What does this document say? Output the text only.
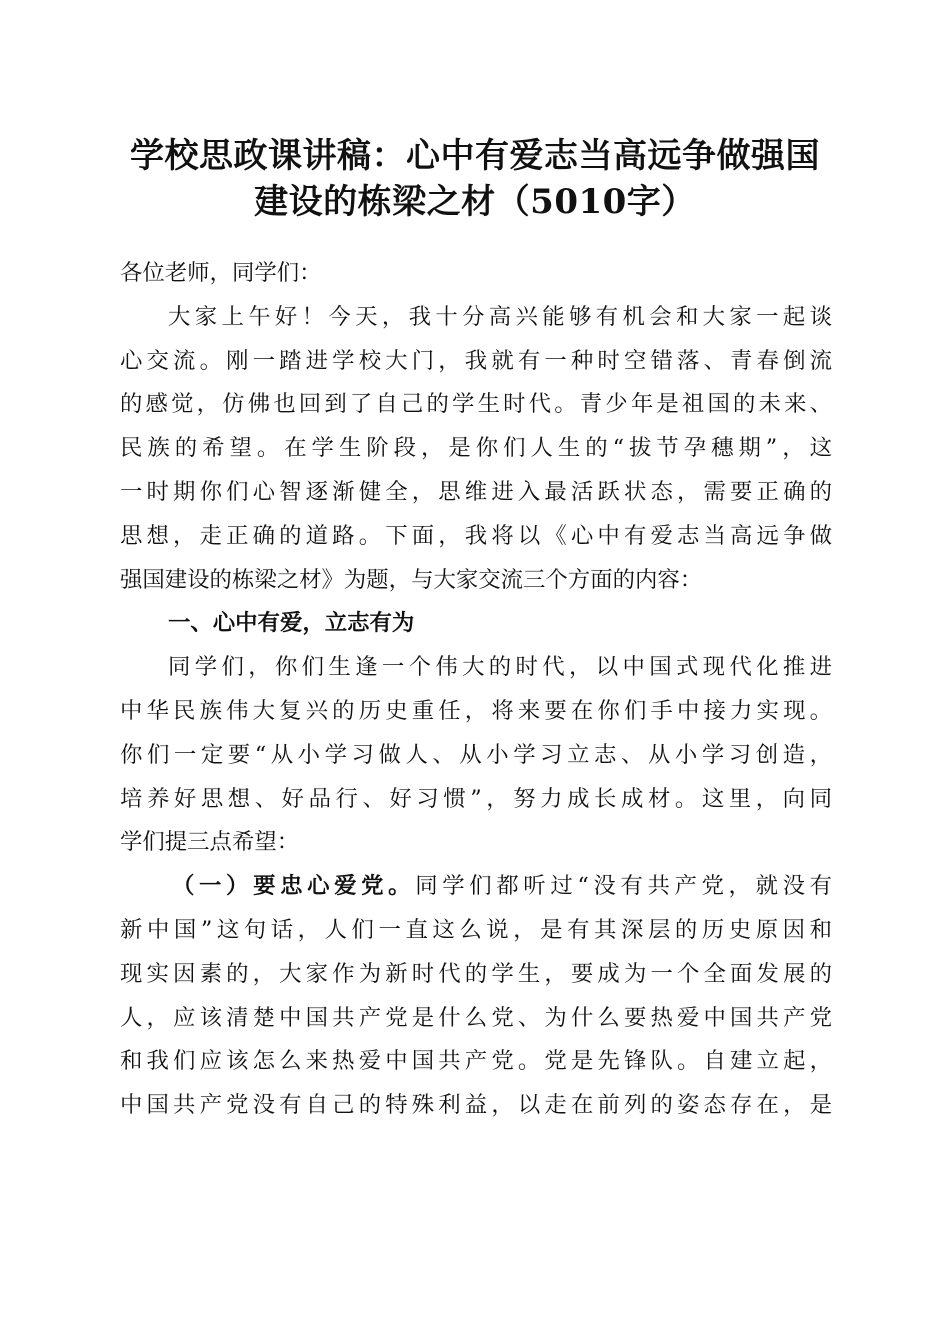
学校思政课讲稿：心中有爱志当高远争做强国
建设的栋梁之材（5010字）
各位老师，同学们：
大家上午好！今天，我十分高兴能够有机会和大家一起谈
心交流。刚一踏进学校大门，我就有一种时空错落、青春倒流
的感觉，仿佛也回到了自己的学生时代。青少年是祖国的未来、
民族的希望。在学生阶段，是你们人生的“拔节孕穗期”，这
一时期你们心智逐渐健全，思维进入最活跃状态，需要正确的
思想，走正确的道路。下面，我将以《心中有爱志当高远争做
强国建设的栋梁之材》为题，与大家交流三个方面的内容：
一、心中有爱，立志有为
同学们，你们生逢一个伟大的时代，以中国式现代化推进
中华民族伟大复兴的历史重任，将来要在你们手中接力实现。
你们一定要“从小学习做人、从小学习立志、从小学习创造，
培养好思想、好品行、好习惯”，努力成长成材。这里，向同
学们提三点希望：
（一）要忠心爱党。同学们都听过“没有共产党，就没有
新中国”这句话，人们一直这么说，是有其深层的历史原因和
现实因素的，大家作为新时代的学生，要成为一个全面发展的
人，应该清楚中国共产党是什么党、为什么要热爱中国共产党
和我们应该怎么来热爱中国共产党。党是先锋队。自建立起，
中国共产党没有自己的特殊利益，以走在前列的姿态存在，是
